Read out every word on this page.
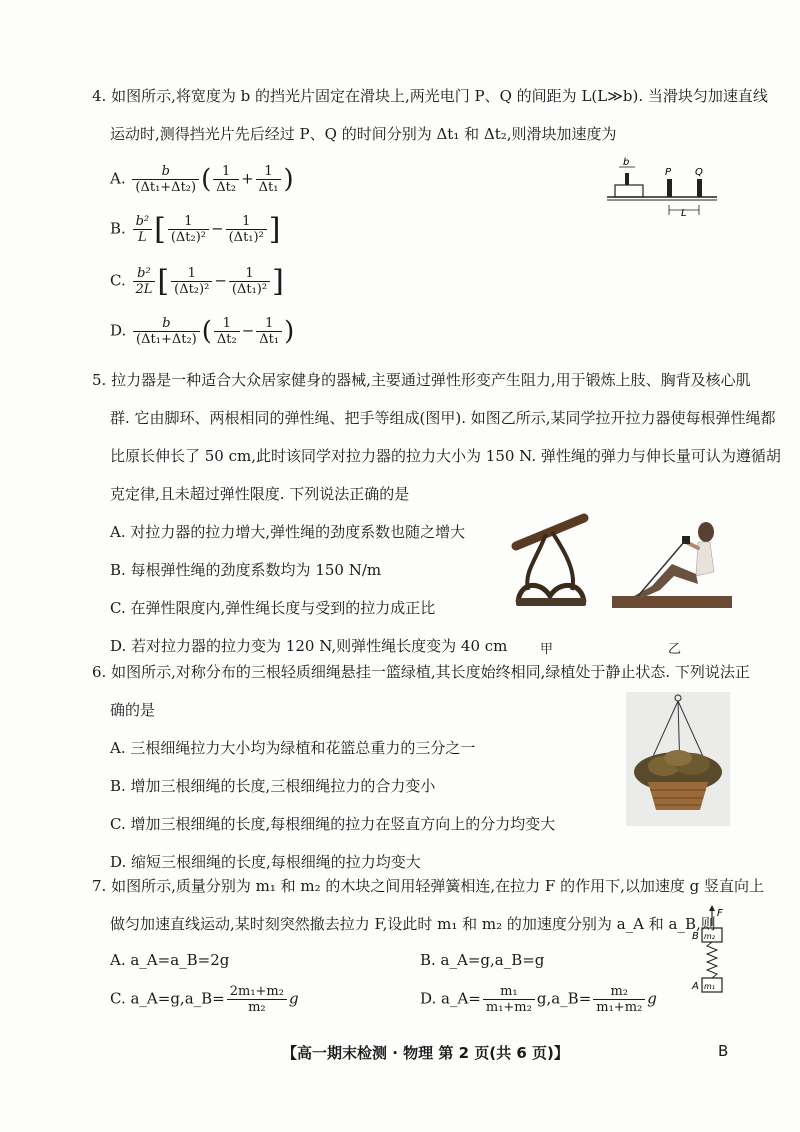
4. 如图所示,将宽度为 b 的挡光片固定在滑块上,两光电门 P、Q 的间距为 L(L≫b). 当滑块匀加速直线
运动时,测得挡光片先后经过 P、Q 的时间分别为 Δt₁ 和 Δt₂,则滑块加速度为
A. $\frac{b}{\text{(Δt₁+Δt₂)}}$ ( $\frac{1}{\text{Δt₂}} + \frac{1}{\text{Δt₁}}$ )
B. $\frac{\text{b²}}{L}$ [ $\frac{1}{\text{(Δt₂)²}} - \frac{1}{\text{(Δt₁)²}}$ ]
C. $\frac{\text{b²}}{2L}$ [ $\frac{1}{\text{(Δt₂)²}} - \frac{1}{\text{(Δt₁)²}}$ ]
D. $\frac{b}{\text{(Δt₁+Δt₂)}}$ ( $\frac{1}{\text{Δt₂}} - \frac{1}{\text{Δt₁}}$ )
b
P Q
L
5. 拉力器是一种适合大众居家健身的器械,主要通过弹性形变产生阻力,用于锻炼上肢、胸背及核心肌
群. 它由脚环、两根相同的弹性绳、把手等组成(图甲). 如图乙所示,某同学拉开拉力器使每根弹性绳都
比原长伸长了 50 cm,此时该同学对拉力器的拉力大小为 150 N. 弹性绳的弹力与伸长量可认为遵循胡
克定律,且未超过弹性限度. 下列说法正确的是
A. 对拉力器的拉力增大,弹性绳的劲度系数也随之增大
B. 每根弹性绳的劲度系数均为 150 N/m
C. 在弹性限度内,弹性绳长度与受到的拉力成正比
D. 若对拉力器的拉力变为 120 N,则弹性绳长度变为 40 cm	甲	乙
6. 如图所示,对称分布的三根轻质细绳悬挂一篮绿植,其长度始终相同,绿植处于静止状态. 下列说法正
确的是
A. 三根细绳拉力大小均为绿植和花篮总重力的三分之一
B. 增加三根细绳的长度,三根细绳拉力的合力变小
C. 增加三根细绳的长度,每根细绳的拉力在竖直方向上的分力均变大
D. 缩短三根细绳的长度,每根细绳的拉力均变大
7. 如图所示,质量分别为 m₁ 和 m₂ 的木块之间用轻弹簧相连,在拉力 F 的作用下,以加速度 g 竖直向上
做匀加速直线运动,某时刻突然撤去拉力 F,设此时 m₁ 和 m₂ 的加速度分别为 a_A 和 a_B,则
A. a_A=a_B=2g	B. a_A=g,a_B=g
C. a_A=g,a_B= $\frac{\text{2m₁+m₂}}{\text{m₂}}$ g	D. a_A= $\frac{\text{m₁}}{\text{m₁+m₂}}$ g,a_B= $\frac{\text{m₂}}{\text{m₁+m₂}}$ g
F
m₂
B
m₁
A
【高一期末检测 · 物理 第 2 页(共 6 页)】	B
